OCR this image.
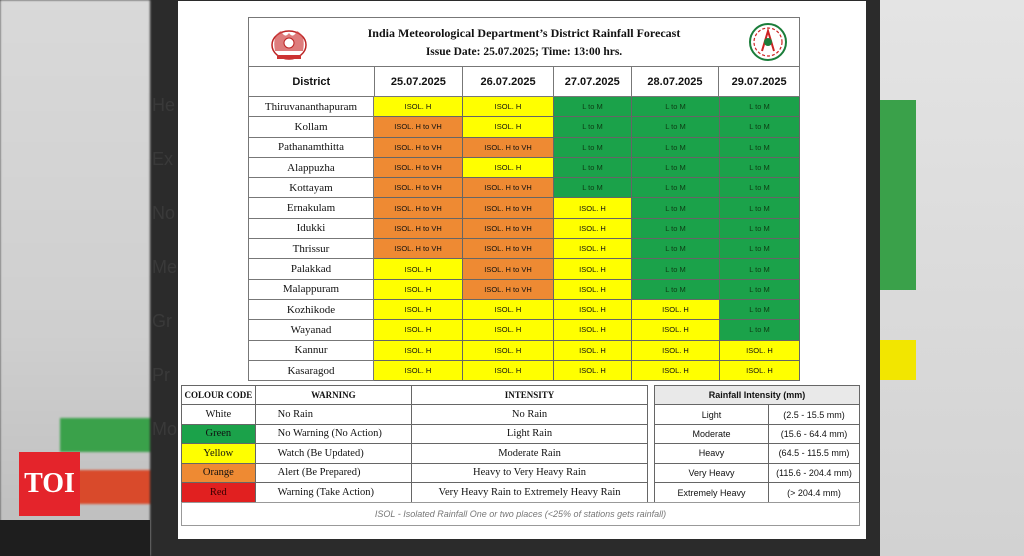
He
Ex
No
Me
Gr
Pr
Mo
TOI
India Meteorological Department’s District Rainfall Forecast
Issue Date: 25.07.2025; Time: 13:00 hrs.
District	25.07.2025	26.07.2025	27.07.2025	28.07.2025	29.07.2025
Thiruvananthapuram	ISOL. H	ISOL. H	L to M	L to M	L to M
Kollam	ISOL. H to VH	ISOL. H	L to M	L to M	L to M
Pathanamthitta	ISOL. H to VH	ISOL. H to VH	L to M	L to M	L to M
Alappuzha	ISOL. H to VH	ISOL. H	L to M	L to M	L to M
Kottayam	ISOL. H to VH	ISOL. H to VH	L to M	L to M	L to M
Ernakulam	ISOL. H to VH	ISOL. H to VH	ISOL. H	L to M	L to M
Idukki	ISOL. H to VH	ISOL. H to VH	ISOL. H	L to M	L to M
Thrissur	ISOL. H to VH	ISOL. H to VH	ISOL. H	L to M	L to M
Palakkad	ISOL. H	ISOL. H to VH	ISOL. H	L to M	L to M
Malappuram	ISOL. H	ISOL. H to VH	ISOL. H	L to M	L to M
Kozhikode	ISOL. H	ISOL. H	ISOL. H	ISOL. H	L to M
Wayanad	ISOL. H	ISOL. H	ISOL. H	ISOL. H	L to M
Kannur	ISOL. H	ISOL. H	ISOL. H	ISOL. H	ISOL. H
Kasaragod	ISOL. H	ISOL. H	ISOL. H	ISOL. H	ISOL. H
COLOUR CODE	WARNING	INTENSITY
White	No Rain	No Rain
Green	No Warning (No Action)	Light Rain
Yellow	Watch (Be Updated)	Moderate Rain
Orange	Alert (Be Prepared)	Heavy to Very Heavy Rain
Red	Warning (Take Action)	Very Heavy Rain to Extremely Heavy Rain
Rainfall Intensity (mm)
Light	(2.5 - 15.5 mm)
Moderate	(15.6 - 64.4 mm)
Heavy	(64.5 - 115.5 mm)
Very Heavy	(115.6 - 204.4 mm)
Extremely Heavy	(> 204.4 mm)
ISOL - Isolated Rainfall One or two places (<25% of stations gets rainfall)
